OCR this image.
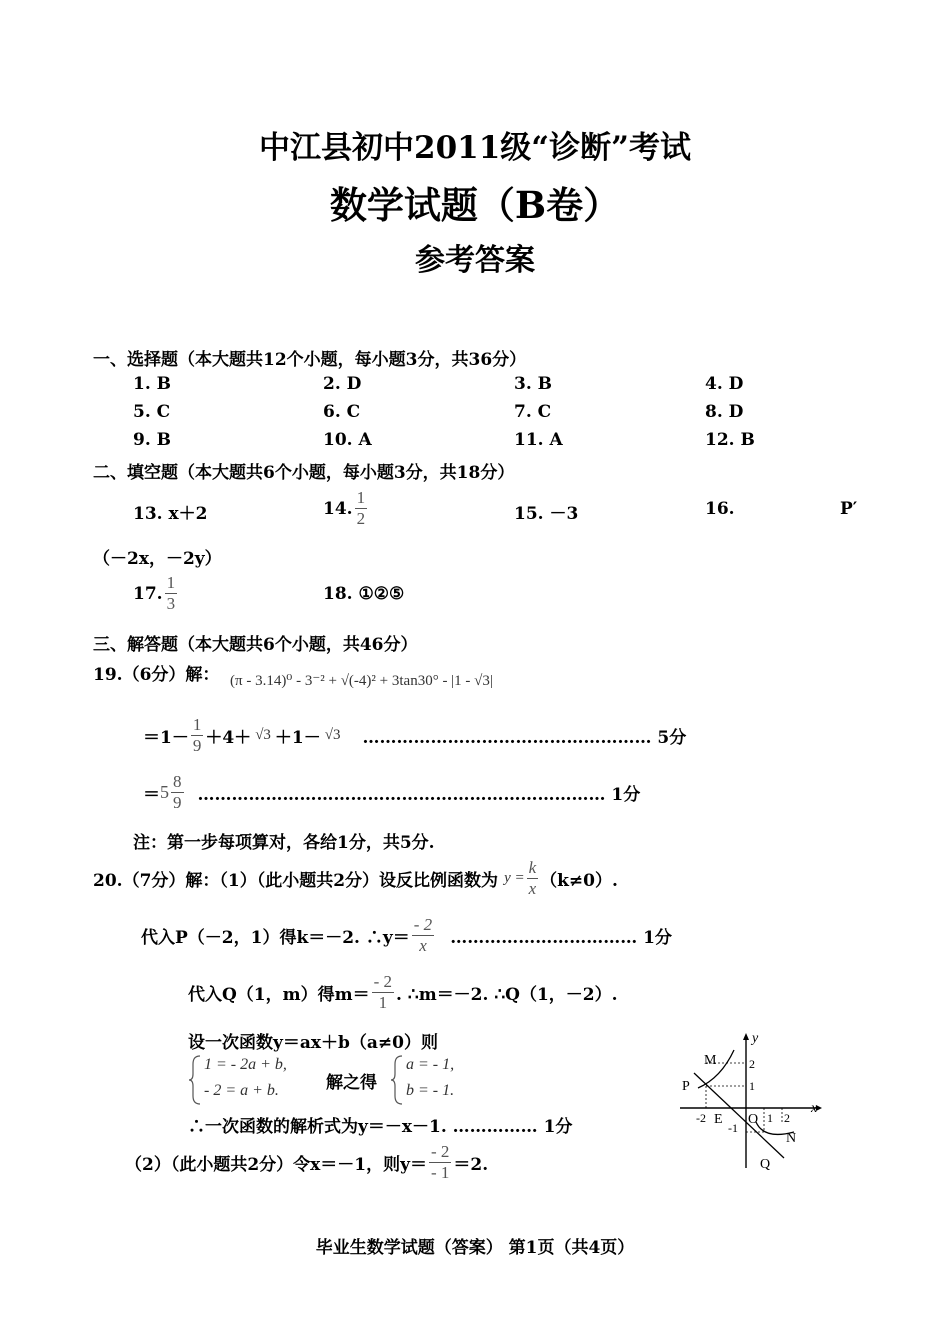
中江县初中2011级“诊断”考试
数学试题（B卷）
参考答案
一、选择题（本大题共12个小题，每小题3分，共36分）
1. B	2. D	3. B	4. D
5. C	6. C	7. C	8. D
9. B	10. A	11. A	12. B
二、填空题（本大题共6个小题，每小题3分，共18分）
13. x＋2	14. $\frac{1}{2}$	15. －3	16.	P′
（－2x，－2y）
17. $\frac{1}{3}$	18. ①②⑤
三、解答题（本大题共6个小题，共46分）
19.（6分）解： (π - 3.14)⁰ - 3⁻² + √(-4)² + 3tan30° - |1 - √3|
$=1- \frac{1}{9} +4+ √3 +1- √3$ …………………………………………… 5分
＝ $5 \frac{8}{9}$ ……………………………………………………………… 1分
注：第一步每项算对，各给1分，共5分.
20.（7分）解：（1）（此小题共2分）设反比例函数为 $y = \frac{k}{x} (k\ne 0)$.
代入P（－2，1）得k＝－2. ∴y＝ $\frac{- 2}{x}$ …………………………… 1分
代入Q（1，m）得$m= \frac{- 2}{1}$ . ∴m＝－2. ∴Q（1，－2）.
设一次函数y＝ax＋b（a≠0）则
1 = - 2a + b,
- 2 = a + b.	解之得
a = - 1,
b = - 1.
∴一次函数的解析式为y＝－x－1. …………… 1分
（2）（此小题共2分）令x＝－1，则$y= \frac{- 2}{- 1} =2$.
y
x
M
P
E O
N
Q
2
1
-1
-2	1 2
毕业生数学试题（答案） 第1页（共4页）
